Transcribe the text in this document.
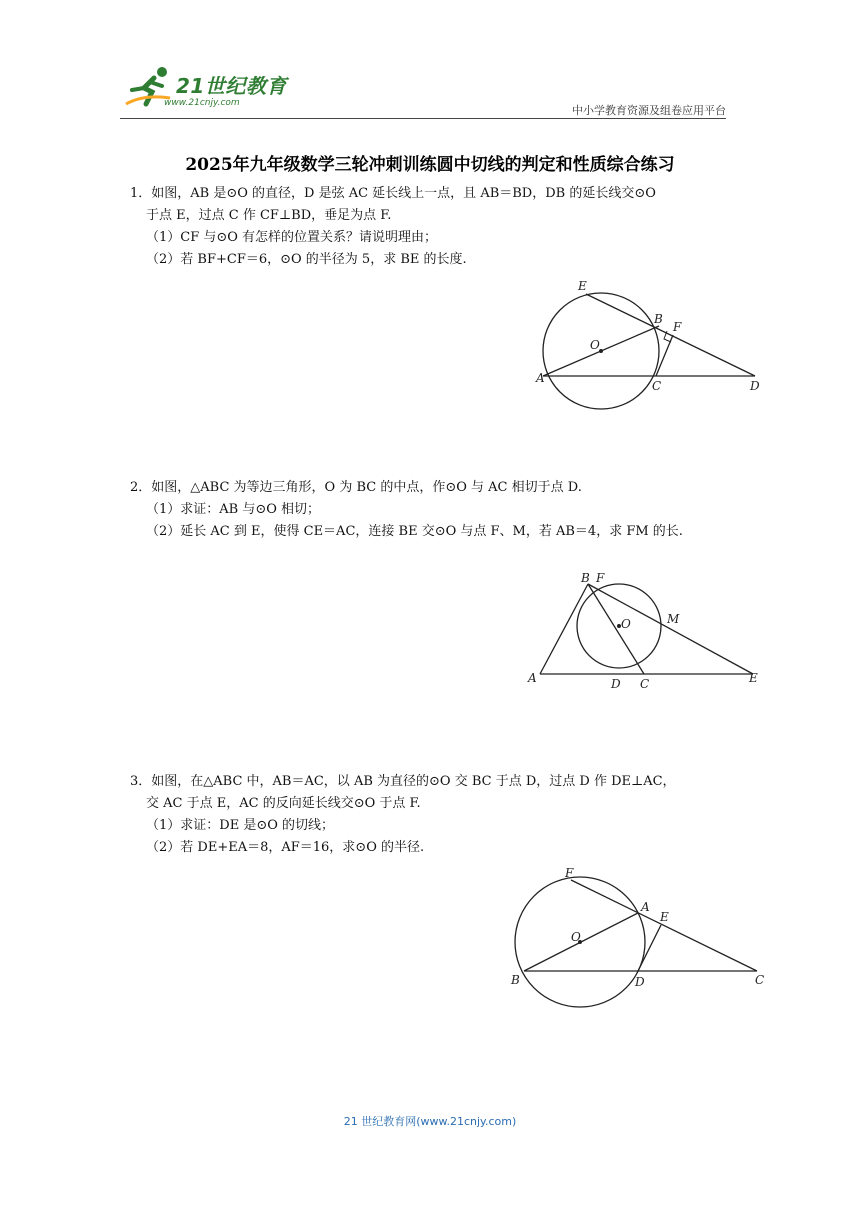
21世纪教育
www.21cnjy.com
中小学教育资源及组卷应用平台
2025年九年级数学三轮冲刺训练圆中切线的判定和性质综合练习
1．如图，AB 是⊙O 的直径，D 是弦 AC 延长线上一点，且 AB＝BD，DB 的延长线交⊙O
于点 E，过点 C 作 CF⊥BD，垂足为点 F.
（1）CF 与⊙O 有怎样的位置关系？请说明理由；
（2）若 BF+CF＝6，⊙O 的半径为 5，求 BE 的长度.
E
B
F
O
A
C	D
2．如图，△ABC 为等边三角形，O 为 BC 的中点，作⊙O 与 AC 相切于点 D.
（1）求证：AB 与⊙O 相切；
（2）延长 AC 到 E，使得 CE＝AC，连接 BE 交⊙O 与点 F、M，若 AB＝4，求 FM 的长.
B F
O	M
A	D C	E
3．如图，在△ABC 中，AB＝AC，以 AB 为直径的⊙O 交 BC 于点 D，过点 D 作 DE⊥AC，
交 AC 于点 E，AC 的反向延长线交⊙O 于点 F.
（1）求证：DE 是⊙O 的切线；
（2）若 DE+EA＝8，AF＝16，求⊙O 的半径.
F
A
E
O
B	D	C
21 世纪教育网(www.21cnjy.com)
